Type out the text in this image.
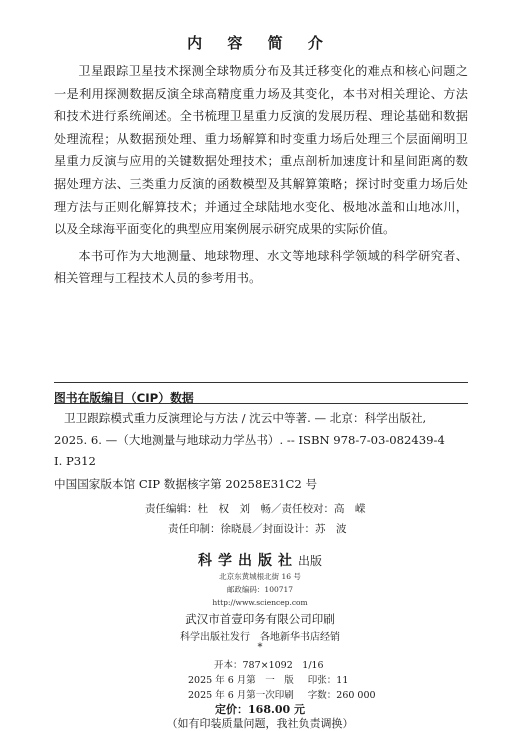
内 容 简 介

卫星跟踪卫星技术探测全球物质分布及其迁移变化的难点和核心问题之一是利用探测数据反演全球高精度重力场及其变化，本书对相关理论、方法和技术进行系统阐述。全书梳理卫星重力反演的发展历程、理论基础和数据处理流程；从数据预处理、重力场解算和时变重力场后处理三个层面阐明卫星重力反演与应用的关键数据处理技术；重点剖析加速度计和星间距离的数据处理方法、三类重力反演的函数模型及其解算策略；探讨时变重力场后处理方法与正则化解算技术；并通过全球陆地水变化、极地冰盖和山地冰川，以及全球海平面变化的典型应用案例展示研究成果的实际价值。

本书可作为大地测量、地球物理、水文等地球科学领域的科学研究者、相关管理与工程技术人员的参考用书。

图书在版编目（CIP）数据
卫卫跟踪模式重力反演理论与方法 / 沈云中等著. — 北京：科学出版社,
2025. 6. —（大地测量与地球动力学丛书）. -- ISBN 978-7-03-082439-4
I. P312
中国国家版本馆 CIP 数据核字第 20258E31C2 号
责任编辑：杜　权　刘　畅／责任校对：高　嵘
责任印制：徐晓晨／封面设计：苏　波
科学出版社出版
北京东黄城根北街 16 号
邮政编码：100717
http://www.sciencep.com
武汉市首壹印务有限公司印刷
科学出版社发行　各地新华书店经销
*
开本：787×1092　1/16
2025 年 6 月第　一　版 印张：11
2025 年 6 月第一次印刷 字数：260 000
定价：168.00 元
（如有印装质量问题，我社负责调换）
